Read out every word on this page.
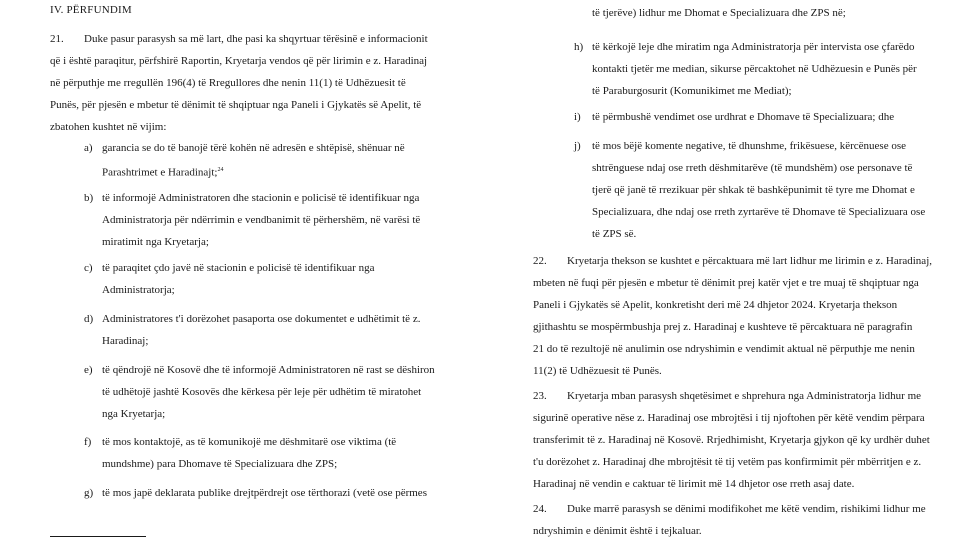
IV. PËRFUNDIM
21. Duke pasur parasysh sa më lart, dhe pasi ka shqyrtuar tërësinë e informacionit
që i është paraqitur, përfshirë Raportin, Kryetarja vendos që për lirimin e z. Haradinaj
në përputhje me rregullën 196(4) të Rregullores dhe nenin 11(1) të Udhëzuesit të
Punës, për pjesën e mbetur të dënimit të shqiptuar nga Paneli i Gjykatës së Apelit, të
zbatohen kushtet në vijim:
a) garancia se do të banojë tërë kohën në adresën e shtëpisë, shënuar në
Parashtrimet e Haradinajt;$^{24}$
b) të informojë Administratoren dhe stacionin e policisë të identifikuar nga
Administratorja për ndërrimin e vendbanimit të përhershëm, në varësi të
miratimit nga Kryetarja;
c) të paraqitet çdo javë në stacionin e policisë të identifikuar nga
Administratorja;
d) Administratores t'i dorëzohet pasaporta ose dokumentet e udhëtimit të z.
Haradinaj;
e) të qëndrojë në Kosovë dhe të informojë Administratoren në rast se dëshiron
të udhëtojë jashtë Kosovës dhe kërkesa për leje për udhëtim të miratohet
nga Kryetarja;
f) të mos kontaktojë, as të komunikojë me dëshmitarë ose viktima (të
mundshme) para Dhomave të Specializuara dhe ZPS;
g) të mos japë deklarata publike drejtpërdrejt ose tërthorazi (vetë ose përmes
të tjerëve) lidhur me Dhomat e Specializuara dhe ZPS në;
h) të kërkojë leje dhe miratim nga Administratorja për intervista ose çfarëdo
kontakti tjetër me median, sikurse përcaktohet në Udhëzuesin e Punës për
të Paraburgosurit (Komunikimet me Mediat);
i)	të përmbushë vendimet ose urdhrat e Dhomave të Specializuara; dhe
j)	të mos bëjë komente negative, të dhunshme, frikësuese, kërcënuese ose
shtrënguese ndaj ose rreth dëshmitarëve (të mundshëm) ose personave të
tjerë që janë të rrezikuar për shkak të bashkëpunimit të tyre me Dhomat e
Specializuara, dhe ndaj ose rreth zyrtarëve të Dhomave të Specializuara ose
të ZPS së.
22. Kryetarja thekson se kushtet e përcaktuara më lart lidhur me lirimin e z. Haradinaj,
mbeten në fuqi për pjesën e mbetur të dënimit prej katër vjet e tre muaj të shqiptuar nga
Paneli i Gjykatës së Apelit, konkretisht deri më 24 dhjetor 2024. Kryetarja thekson
gjithashtu se mospërmbushja prej z. Haradinaj e kushteve të përcaktuara në paragrafin
21 do të rezultojë në anulimin ose ndryshimin e vendimit aktual në përputhje me nenin
11(2) të Udhëzuesit të Punës.
23. Kryetarja mban parasysh shqetësimet e shprehura nga Administratorja lidhur me
sigurinë operative nëse z. Haradinaj ose mbrojtësi i tij njoftohen për këtë vendim përpara
transferimit të z. Haradinaj në Kosovë. Rrjedhimisht, Kryetarja gjykon që ky urdhër duhet
t'u dorëzohet z. Haradinaj dhe mbrojtësit të tij vetëm pas konfirmimit për mbërritjen e z.
Haradinaj në vendin e caktuar të lirimit më 14 dhjetor ose rreth asaj date.
24. Duke marrë parasysh se dënimi modifikohet me këtë vendim, rishikimi lidhur me
ndryshimin e dënimit është i tejkaluar.
